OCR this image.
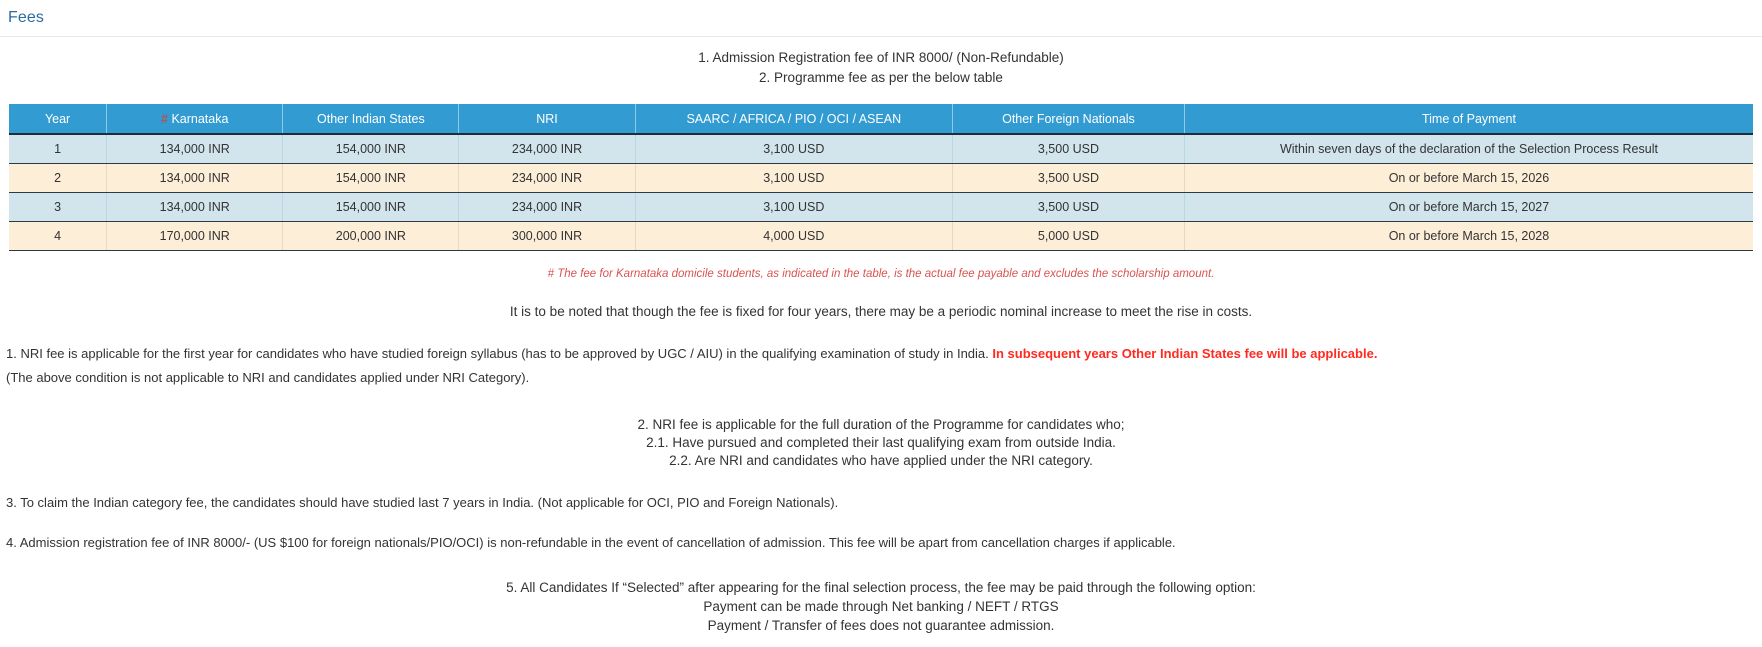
Fees
1. Admission Registration fee of INR 8000/ (Non-Refundable)
2. Programme fee as per the below table
Year	# Karnataka	Other Indian States	NRI	SAARC / AFRICA / PIO / OCI / ASEAN	Other Foreign Nationals	Time of Payment
1	134,000 INR	154,000 INR	234,000 INR	3,100 USD	3,500 USD	Within seven days of the declaration of the Selection Process Result
2	134,000 INR	154,000 INR	234,000 INR	3,100 USD	3,500 USD	On or before March 15, 2026
3	134,000 INR	154,000 INR	234,000 INR	3,100 USD	3,500 USD	On or before March 15, 2027
4	170,000 INR	200,000 INR	300,000 INR	4,000 USD	5,000 USD	On or before March 15, 2028
# The fee for Karnataka domicile students, as indicated in the table, is the actual fee payable and excludes the scholarship amount.
It is to be noted that though the fee is fixed for four years, there may be a periodic nominal increase to meet the rise in costs.
1. NRI fee is applicable for the first year for candidates who have studied foreign syllabus (has to be approved by UGC / AIU) in the qualifying examination of study in India. In subsequent years Other Indian States fee will be applicable.
(The above condition is not applicable to NRI and candidates applied under NRI Category).
2. NRI fee is applicable for the full duration of the Programme for candidates who;
2.1. Have pursued and completed their last qualifying exam from outside India.
2.2. Are NRI and candidates who have applied under the NRI category.
3. To claim the Indian category fee, the candidates should have studied last 7 years in India. (Not applicable for OCI, PIO and Foreign Nationals).
4. Admission registration fee of INR 8000/- (US $100 for foreign nationals/PIO/OCI) is non-refundable in the event of cancellation of admission. This fee will be apart from cancellation charges if applicable.
5. All Candidates If “Selected” after appearing for the final selection process, the fee may be paid through the following option:
Payment can be made through Net banking / NEFT / RTGS
Payment / Transfer of fees does not guarantee admission.
